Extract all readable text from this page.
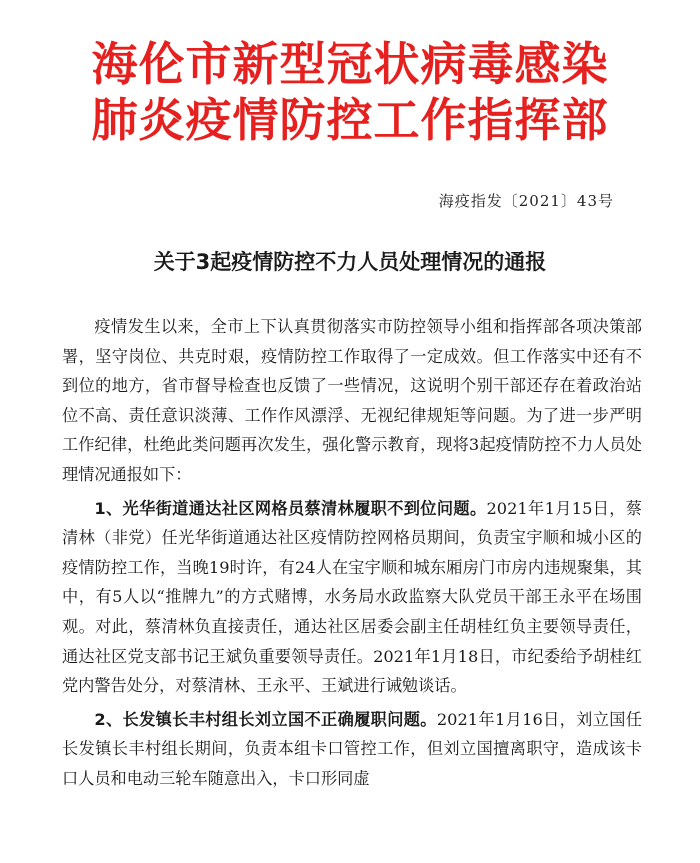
海伦市新型冠状病毒感染
肺炎疫情防控工作指挥部
海疫指发〔2021〕43号
关于3起疫情防控不力人员处理情况的通报

疫情发生以来，全市上下认真贯彻落实市防控领导小组和指挥部各项决策部署，坚守岗位、共克时艰，疫情防控工作取得了一定成效。但工作落实中还有不到位的地方，省市督导检查也反馈了一些情况，这说明个别干部还存在着政治站位不高、责任意识淡薄、工作作风漂浮、无视纪律规矩等问题。为了进一步严明工作纪律，杜绝此类问题再次发生，强化警示教育，现将3起疫情防控不力人员处理情况通报如下：

1、光华街道通达社区网格员蔡清林履职不到位问题。2021年1月15日，蔡清林（非党）任光华街道通达社区疫情防控网格员期间，负责宝宇顺和城小区的疫情防控工作，当晚19时许，有24人在宝宇顺和城东厢房门市房内违规聚集，其中，有5人以“推牌九”的方式赌博，水务局水政监察大队党员干部王永平在场围观。对此，蔡清林负直接责任，通达社区居委会副主任胡桂红负主要领导责任，通达社区党支部书记王斌负重要领导责任。2021年1月18日，市纪委给予胡桂红党内警告处分，对蔡清林、王永平、王斌进行诫勉谈话。

2、长发镇长丰村组长刘立国不正确履职问题。2021年1月16日，刘立国任长发镇长丰村组长期间，负责本组卡口管控工作，但刘立国擅离职守，造成该卡口人员和电动三轮车随意出入，卡口形同虚
